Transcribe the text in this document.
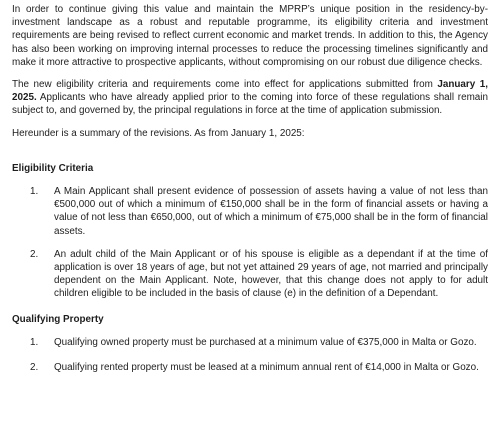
In order to continue giving this value and maintain the MPRP’s unique position in the residency-by-investment landscape as a robust and reputable programme, its eligibility criteria and investment requirements are being revised to reflect current economic and market trends. In addition to this, the Agency has also been working on improving internal processes to reduce the processing timelines significantly and make it more attractive to prospective applicants, without compromising on our robust due diligence checks.

The new eligibility criteria and requirements come into effect for applications submitted from January 1, 2025. Applicants who have already applied prior to the coming into force of these regulations shall remain subject to, and governed by, the principal regulations in force at the time of application submission.

Hereunder is a summary of the revisions. As from January 1, 2025:

Eligibility Criteria
1. A Main Applicant shall present evidence of possession of assets having a value of not less than €500,000 out of which a minimum of €150,000 shall be in the form of financial assets or having a value of not less than €650,000, out of which a minimum of €75,000 shall be in the form of financial assets.
2. An adult child of the Main Applicant or of his spouse is eligible as a dependant if at the time of application is over 18 years of age, but not yet attained 29 years of age, not married and principally dependent on the Main Applicant. Note, however, that this change does not apply to for adult children eligible to be included in the basis of clause (e) in the definition of a Dependant.
Qualifying Property
1. Qualifying owned property must be purchased at a minimum value of €375,000 in Malta or Gozo.
2. Qualifying rented property must be leased at a minimum annual rent of €14,000 in Malta or Gozo.
